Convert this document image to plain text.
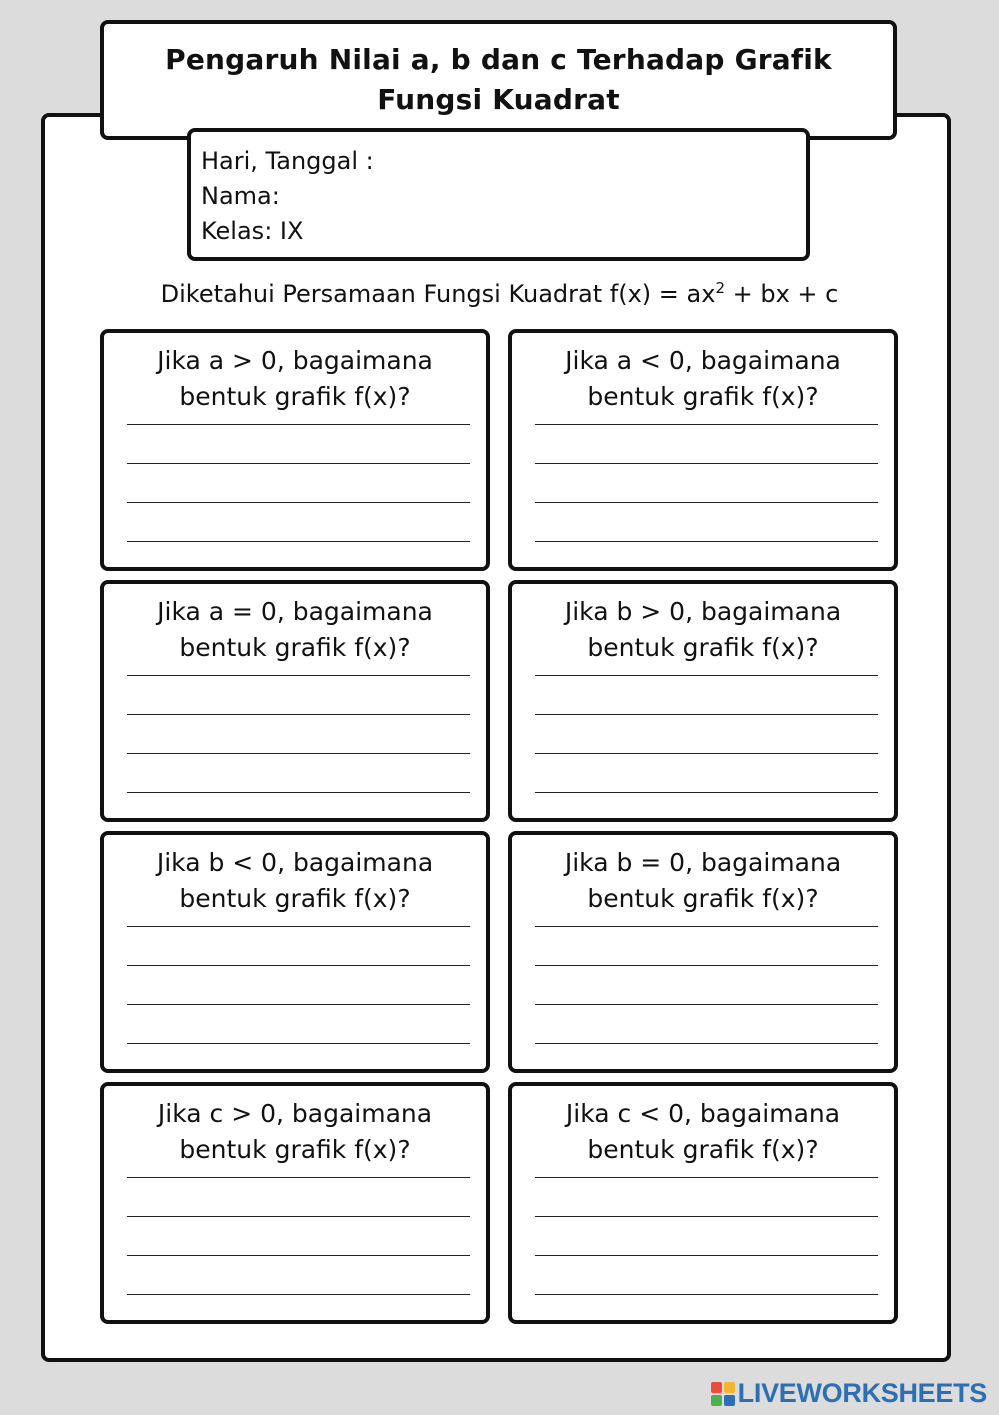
Pengaruh Nilai a, b dan c Terhadap Grafik Fungsi Kuadrat
Hari, Tanggal :
Nama:
Kelas: IX
Diketahui Persamaan Fungsi Kuadrat $f(x) = ax^2$ + bx + c
Jika a > 0, bagaimana
bentuk grafik f(x)?
Jika a < 0, bagaimana
bentuk grafik f(x)?
Jika a = 0, bagaimana
bentuk grafik f(x)?
Jika b > 0, bagaimana
bentuk grafik f(x)?
Jika b < 0, bagaimana
bentuk grafik f(x)?
Jika b = 0, bagaimana
bentuk grafik f(x)?
Jika c > 0, bagaimana
bentuk grafik f(x)?
Jika c < 0, bagaimana
bentuk grafik f(x)?
LIVEWORKSHEETS
